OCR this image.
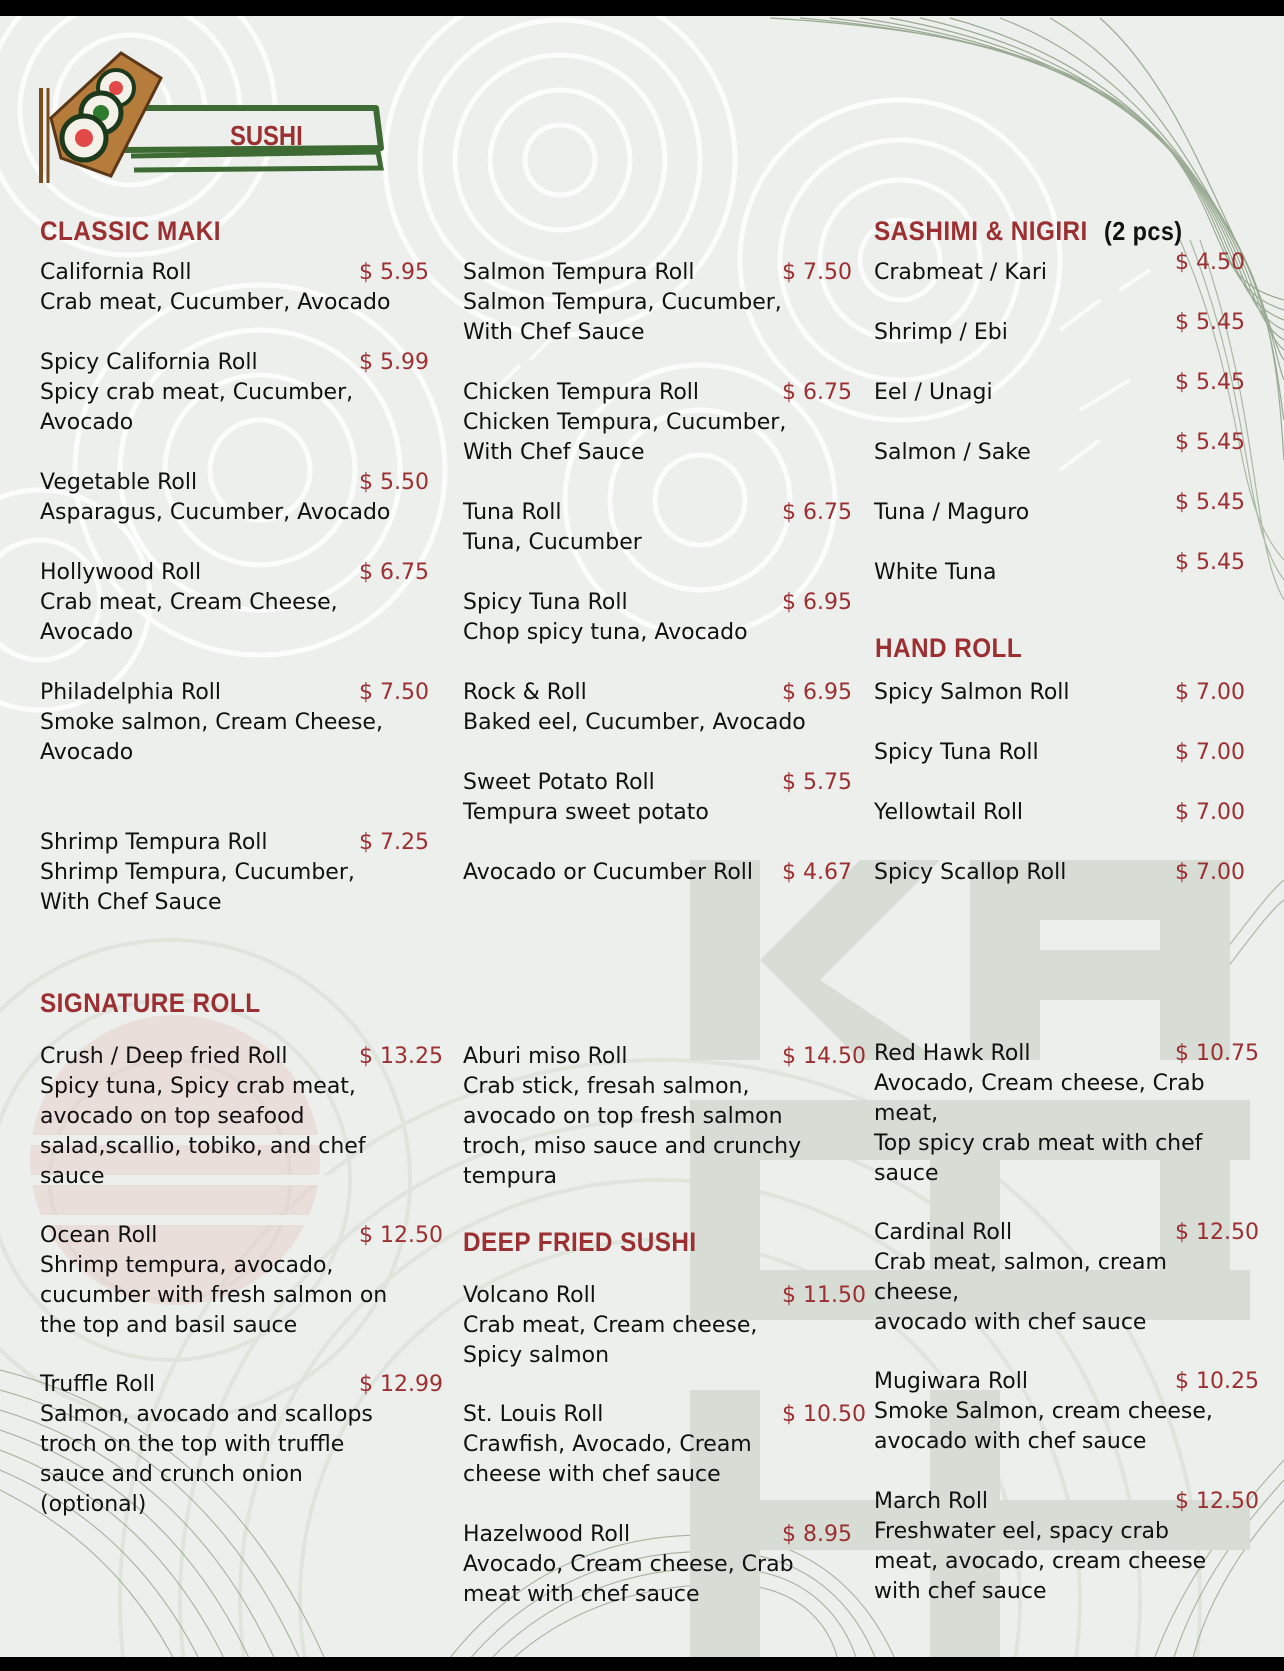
SUSHI
CLASSIC MAKI	SASHIMI & NIGIRI (2 pcs)
HAND ROLL
SIGNATURE ROLL
DEEP FRIED SUSHI
California Roll	$ 5.95
Crab meat, Cucumber, Avocado
Spicy California Roll	$ 5.99
Spicy crab meat, Cucumber,
Avocado
Vegetable Roll	$ 5.50
Asparagus, Cucumber, Avocado
Hollywood Roll	$ 6.75
Crab meat, Cream Cheese,
Avocado
Philadelphia Roll	$ 7.50
Smoke salmon, Cream Cheese,
Avocado
Shrimp Tempura Roll	$ 7.25
Shrimp Tempura, Cucumber,
With Chef Sauce
Salmon Tempura Roll	$ 7.50
Salmon Tempura, Cucumber,
With Chef Sauce
Chicken Tempura Roll	$ 6.75
Chicken Tempura, Cucumber,
With Chef Sauce
Tuna Roll	$ 6.75
Tuna, Cucumber
Spicy Tuna Roll	$ 6.95
Chop spicy tuna, Avocado
Rock & Roll	$ 6.95
Baked eel, Cucumber, Avocado
Sweet Potato Roll	$ 5.75
Tempura sweet potato
Avocado or Cucumber Roll	$ 4.67
Crabmeat / Kari	$ 4.50
Shrimp / Ebi	$ 5.45
Eel / Unagi	$ 5.45
Salmon / Sake	$ 5.45
Tuna / Maguro	$ 5.45
White Tuna	$ 5.45
Spicy Salmon Roll	$ 7.00
Spicy Tuna Roll	$ 7.00
Yellowtail Roll	$ 7.00
Spicy Scallop Roll	$ 7.00
Crush / Deep fried Roll	$ 13.25
Spicy tuna, Spicy crab meat,
avocado on top seafood
salad,scallio, tobiko, and chef
sauce
Ocean Roll	$ 12.50
Shrimp tempura, avocado,
cucumber with fresh salmon on
the top and basil sauce
Truffle Roll	$ 12.99
Salmon, avocado and scallops
troch on the top with truffle
sauce and crunch onion
(optional)
Aburi miso Roll	$ 14.50
Crab stick, fresah salmon,
avocado on top fresh salmon
troch, miso sauce and crunchy
tempura
Volcano Roll	$ 11.50
Crab meat, Cream cheese,
Spicy salmon
St. Louis Roll	$ 10.50
Crawfish, Avocado, Cream
cheese with chef sauce
Hazelwood Roll	$ 8.95
Avocado, Cream cheese, Crab
meat with chef sauce
Red Hawk Roll	$ 10.75
Avocado, Cream cheese, Crab
meat,
Top spicy crab meat with chef
sauce
Cardinal Roll	$ 12.50
Crab meat, salmon, cream
cheese,
avocado with chef sauce
Mugiwara Roll	$ 10.25
Smoke Salmon, cream cheese,
avocado with chef sauce
March Roll	$ 12.50
Freshwater eel, spacy crab
meat, avocado, cream cheese
with chef sauce
